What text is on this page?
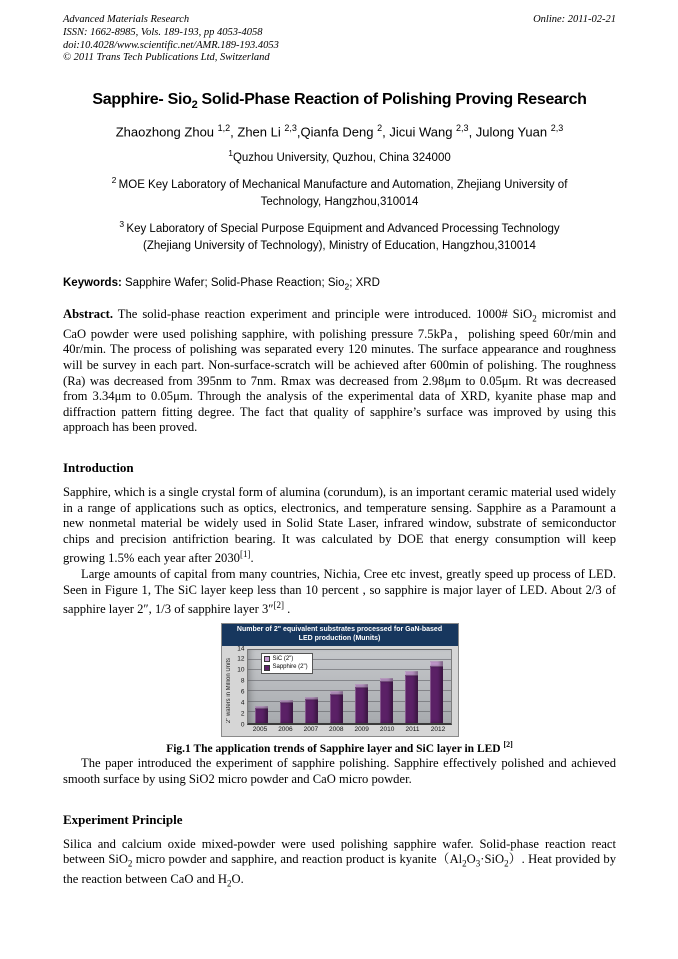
Advanced Materials Research
ISSN: 1662-8985, Vols. 189-193, pp 4053-4058
doi:10.4028/www.scientific.net/AMR.189-193.4053
© 2011 Trans Tech Publications Ltd, Switzerland
Online: 2011-02-21
Sapphire- Sio$_2$ Solid-Phase Reaction of Polishing Proving Research
Zhaozhong Zhou $^{1,2}$, Zhen Li $^{2,3}$,Qianfa Deng $^2$, Jicui Wang $^{2,3}$, Julong Yuan $^{2,3}$
$^1$Quzhou University, Quzhou, China 324000
$^2$ MOE Key Laboratory of Mechanical Manufacture and Automation, Zhejiang University of Technology, Hangzhou,310014
$^3$ Key Laboratory of Special Purpose Equipment and Advanced Processing Technology (Zhejiang University of Technology), Ministry of Education, Hangzhou,310014

Keywords: Sapphire Wafer; Solid-Phase Reaction; Sio$_2$; XRD

Abstract. The solid-phase reaction experiment and principle were introduced. 1000# SiO$_2$ micromist and CaO powder were used polishing sapphire, with polishing pressure 7.5kPa，polishing speed 60r/min and 40r/min. The process of polishing was separated every 120 minutes. The surface appearance and roughness will be survey in each part. Non-surface-scratch will be achieved after 600min of polishing. The roughness (Ra) was decreased from 395nm to 7nm. Rmax was decreased from 2.98μm to 0.05μm. Rt was decreased from 3.34μm to 0.05μm. Through the analysis of the experimental data of XRD, kyanite phase map and diffraction pattern fitting degree. The fact that quality of sapphire’s surface was improved by using this approach has been proved.

Introduction

Sapphire, which is a single crystal form of alumina (corundum), is an important ceramic material used widely in a range of applications such as optics, electronics, and temperature sensing. Sapphire as a Paramount a new nonmetal material be widely used in Solid State Laser, infrared window, substrate of semiconductor chips and precision antifriction bearing. It was calculated by DOE that energy consumption will keep growing 1.5% each year after 2030[1].

Large amounts of capital from many countries, Nichia, Cree etc invest, greatly speed up process of LED. Seen in Figure 1, The SiC layer keep less than 10 percent , so sapphire is major layer of LED. About 2/3 of sapphire layer 2″, 1/3 of sapphire layer 3″[2] .

Number of 2" equivalent substrates processed for GaN-based LED production (Munits)
2" wafers in Million Units
0
2
4
6
8
10
12
14
SiC (2")
Sapphire (2")
2005	2006	2007	2008	2009	2010	2011	2012
Fig.1 The application trends of Sapphire layer and SiC layer in LED [2]

The paper introduced the experiment of sapphire polishing. Sapphire effectively polished and achieved smooth surface by using SiO2 micro powder and CaO micro powder.

Experiment Principle

Silica and calcium oxide mixed-powder were used polishing sapphire wafer. Solid-phase reaction react between SiO$_2$ micro powder and sapphire, and reaction product is $kyanite(Al_2O_3\cdot SiO_2)$. Heat provided by the reaction between CaO and $H_2O$.
